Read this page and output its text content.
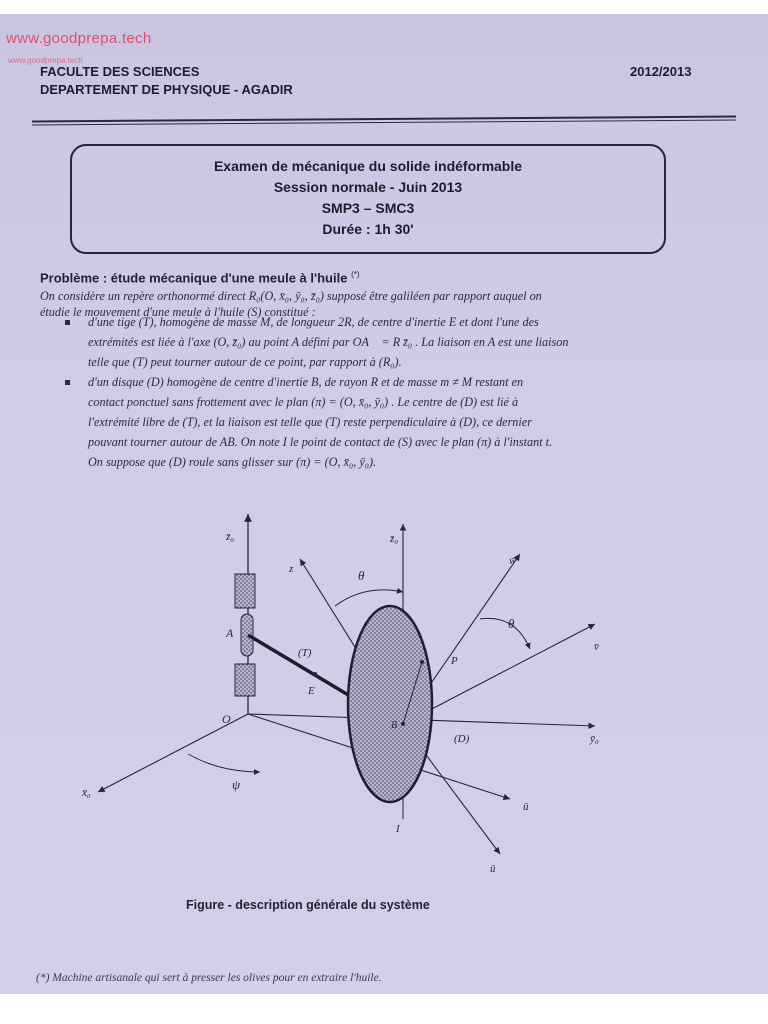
www.goodprepa.tech
www.goodprepa.tech
FACULTE DES SCIENCES
DEPARTEMENT DE PHYSIQUE - AGADIR
2012/2013
Examen de mécanique du solide indéformable
Session normale - Juin 2013
SMP3 – SMC3
Durée : 1h 30'
Problème : étude mécanique d'une meule à l'huile (*)
On considère un repère orthonormé direct R₀(O, x̄₀, ȳ₀, z̄₀) supposé être galiléen par rapport auquel on
étudie le mouvement d'une meule à l'huile (S) constitué :
d'une tige (T), homogène de masse M, de longueur 2R, de centre d'inertie E et dont l'une des
extrémités est liée à l'axe (O, z̄₀) au point A défini par OA⃗ = R z̄₀ . La liaison en A est une liaison
telle que (T) peut tourner autour de ce point, par rapport à (R₀).
d'un disque (D) homogène de centre d'inertie B, de rayon R et de masse m ≠ M restant en
contact ponctuel sans frottement avec le plan (π) = (O, x̄₀, ȳ₀) . Le centre de (D) est lié à
l'extrémité libre de (T), et la liaison est telle que (T) reste perpendiculaire à (D), ce dernier
pouvant tourner autour de AB. On note I le point de contact de (S) avec le plan (π) à l'instant t.
On suppose que (D) roule sans glisser sur (π) = (O, x̄₀, ȳ₀).
z̄₀	z̄₀
z
w̄
θ
θ
v̄
A
(T)
E
P
O	B
(D)	ȳ₀
x̄₀
ψ
I
ū
ū
Figure - description générale du système
(*) Machine artisanale qui sert à presser les olives pour en extraire l'huile.
